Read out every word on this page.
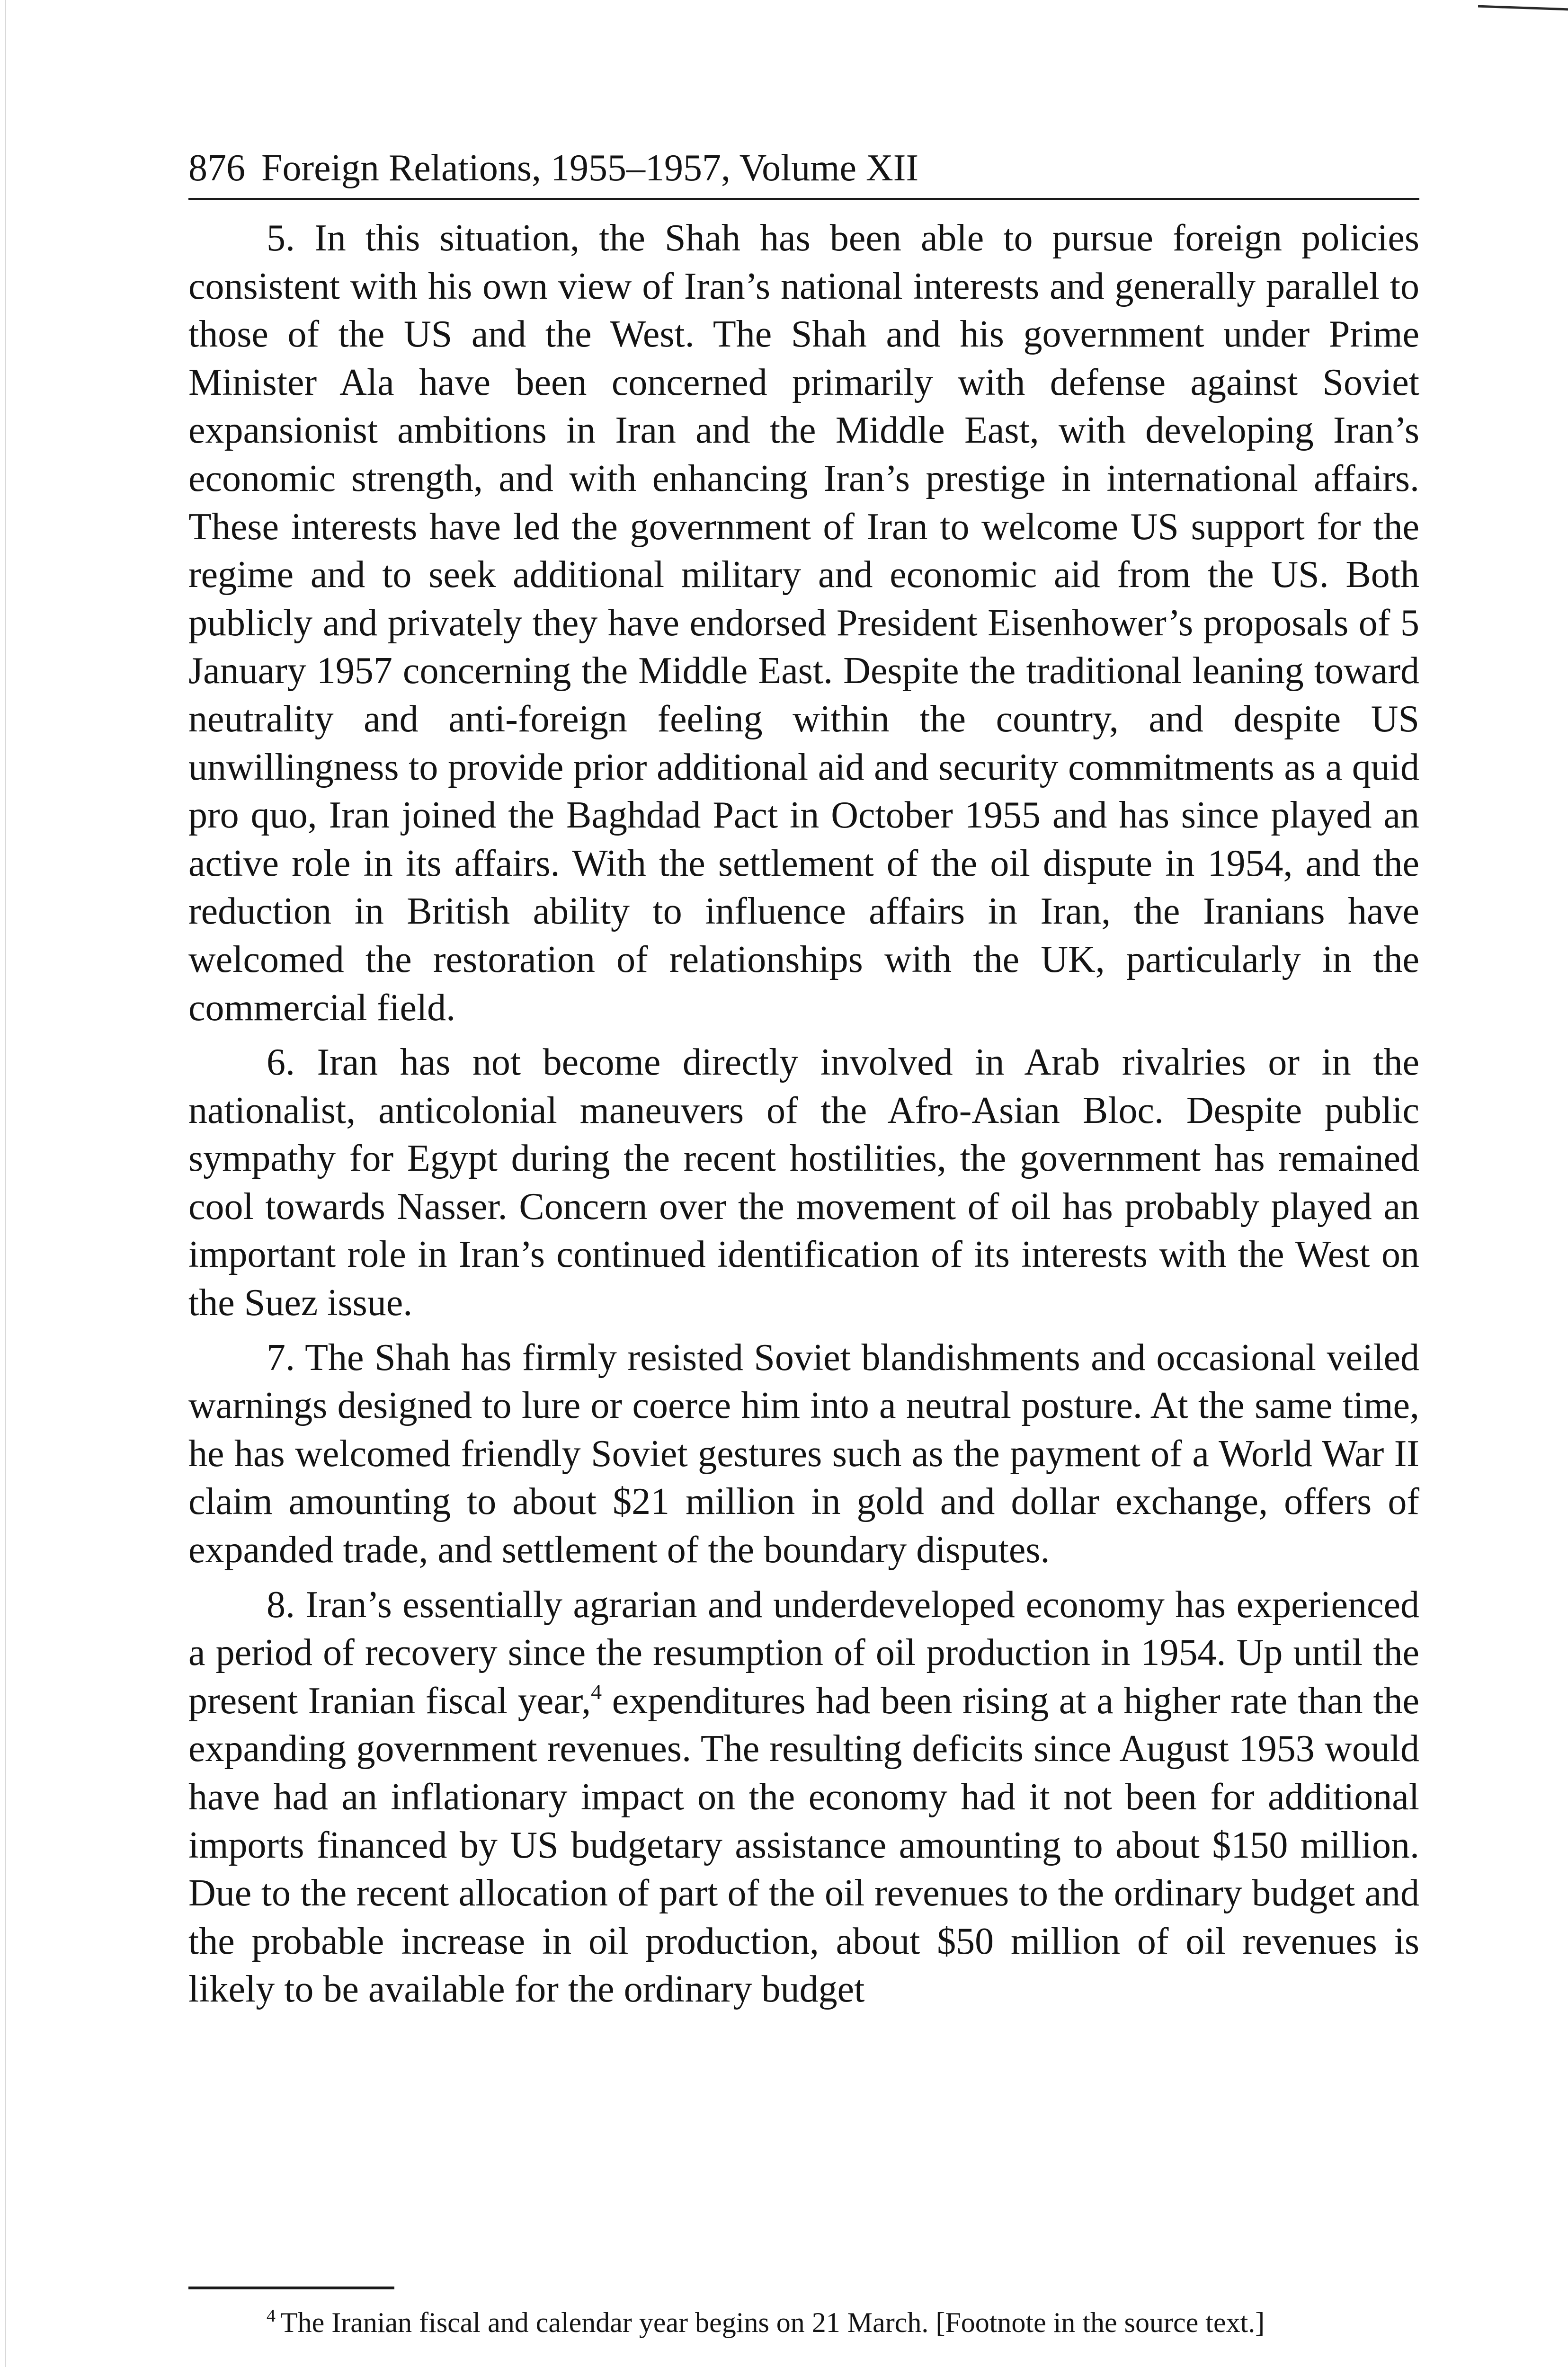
876 Foreign Relations, 1955–1957, Volume XII

5. In this situation, the Shah has been able to pursue foreign policies consistent with his own view of Iran’s national interests and generally parallel to those of the US and the West. The Shah and his government under Prime Minister Ala have been concerned primarily with defense against Soviet expansionist ambitions in Iran and the Middle East, with developing Iran’s economic strength, and with enhancing Iran’s prestige in international affairs. These interests have led the government of Iran to welcome US support for the regime and to seek additional military and economic aid from the US. Both publicly and privately they have endorsed President Eisenhower’s proposals of 5 January 1957 concerning the Middle East. Despite the traditional leaning toward neutrality and anti-foreign feeling within the country, and despite US unwillingness to provide prior additional aid and security commitments as a quid pro quo, Iran joined the Baghdad Pact in October 1955 and has since played an active role in its affairs. With the settlement of the oil dispute in 1954, and the reduction in British ability to influence affairs in Iran, the Iranians have welcomed the restoration of relationships with the UK, particularly in the commercial field.

6. Iran has not become directly involved in Arab rivalries or in the nationalist, anticolonial maneuvers of the Afro-Asian Bloc. Despite public sympathy for Egypt during the recent hostilities, the government has remained cool towards Nasser. Concern over the movement of oil has probably played an important role in Iran’s continued identification of its interests with the West on the Suez issue.

7. The Shah has firmly resisted Soviet blandishments and occasional veiled warnings designed to lure or coerce him into a neutral posture. At the same time, he has welcomed friendly Soviet gestures such as the payment of a World War II claim amounting to about $21 million in gold and dollar exchange, offers of expanded trade, and settlement of the boundary disputes.

8. Iran’s essentially agrarian and underdeveloped economy has experienced a period of recovery since the resumption of oil production in 1954. Up until the present Iranian fiscal year,$^4$ expenditures had been rising at a higher rate than the expanding government revenues. The resulting deficits since August 1953 would have had an inflationary impact on the economy had it not been for additional imports financed by US budgetary assistance amounting to about $150 million. Due to the recent allocation of part of the oil revenues to the ordinary budget and the probable increase in oil production, about $50 million of oil revenues is likely to be available for the ordinary budget

$^4$ The Iranian fiscal and calendar year begins on 21 March. [Footnote in the source text.]
